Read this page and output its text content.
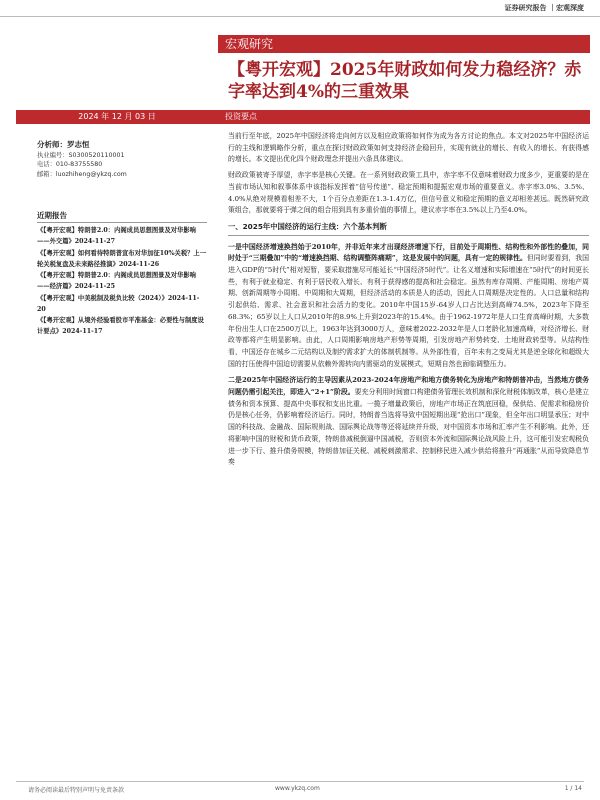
证券研究报告 ｜宏观深度
宏观研究
【粤开宏观】2025年财政如何发力稳经济？赤字率达到4%的三重效果
2024 年 12 月 03 日	投资要点
分析师：罗志恒
执业编号：S0300520110001
电话：010-83755580
邮箱：luozhiheng@ykzq.com
近期报告

《【粤开宏观】特朗普2.0：内阁成员思想图景及对华影响——外交篇》2024-11-27

《【粤开宏观】如何看待特朗普宣布对华加征10%关税？上一轮关税复盘及未来路径推演》2024-11-26

《【粤开宏观】特朗普2.0：内阁成员思想图景及对华影响——经济篇》2024-11-25

《【粤开宏观】中美税制及税负比较（2024）》2024-11-20

《【粤开宏观】从境外经验看股市平准基金：必要性与制度设计要点》2024-11-17

当前行至年底，2025年中国经济将走向何方以及相应政策将如何作为成为各方讨论的焦点。本文对2025年中国经济运行的主线和逻辑略作分析，重点在探讨财政政策如何支持经济企稳回升，实现有就业的增长、有收入的增长、有获得感的增长。本文提出优化四个财政理念并提出六条具体建议。

财政政策被寄予厚望，赤字率是核心关键。在一系列财政政策工具中，赤字率不仅意味着财政力度多少，更重要的是在当前市场认知和叙事体系中该指标发挥着“信号传递”、稳定预期和提振宏观市场的重要意义。赤字率3.0%、3.5%、4.0%从绝对规模看相差不大，1个百分点差距在1.3-1.4万亿，但信号意义和稳定预期的意义却相差甚远。既然研究政策组合，那就要将于弹之间的组合用到具有多重价值的事情上，建议赤字率在3.5%以上乃至4.0%。

一、2025年中国经济的运行主线：六个基本判断

一是中国经济增速换挡始于2010年，并非近年来才出现经济增速下行，目前处于周期性、结构性和外部性的叠加，同时处于“三期叠加”中的“增速换挡期、结构调整阵痛期”，这是发展中的问题，具有一定的规律性。但同时要看到，我国进入GDP的“5时代”相对短暂，要采取措施尽可能延长“中国经济5时代”。让名义增速和实际增速在“5时代”的时间更长些，有利于就业稳定、有利于居民收入增长、有利于获得感的提高和社会稳定。虽然有库存周期、产能周期、房地产周期、创新周期等小周期、中周期和大周期，但经济活动的本质是人的活动，因此人口周期是决定性的。人口总量和结构引起供给、需求、社会意识和社会活力的变化。2010年中国15岁-64岁人口占比达到高峰74.5%，2023年下降至68.3%；65岁以上人口从2010年的8.9%上升到2023年的15.4%。由于1962-1972年是人口生育高峰时期，大多数年份出生人口在2500万以上，1963年达到3000万人，意味着2022-2032年是人口老龄化加速高峰，对经济增长、财政等都将产生明显影响。由此，人口周期影响房地产形势等周期，引发房地产形势转变、土地财政转型等。从结构性看，中国还存在城乡二元结构以及制约需求扩大的体制机制等。从外部性看，百年未有之变局尤其是逆全球化和超级大国的打压使得中国迫切需要从依赖外需转向内需驱动的发展模式，短期自然也面临调整压力。

二是2025年中国经济运行的主导因素从2023-2024年房地产和地方债务转化为房地产和特朗普冲击，当然地方债务问题仍需引起关注，即进入“2+1”阶段。要充分利用时间窗口构建债务管理长效机制和深化财税体制改革，核心是建立债务和资本预算、提高中央事权和支出比重。一揽子增量政策后，房地产市场正在筑底回稳，保供给、促需求和稳房价仍是核心任务，仍影响着经济运行。同时，特朗普当选将导致中国短期出现“抢出口”现象，但全年出口明显承压；对中国的科技战、金融战、国际规则战、国际舆论战等等还将延续并升级，对中国资本市场和汇率产生不利影响。此外，还将影响中国的财税和货币政策，特朗普减税倒逼中国减税，否则资本外流和国际舆论战风险上升，这可能引发宏观税负进一步下行、推升债务规模，特朗普加征关税、减税刺激需求、控制移民进入减少供给将推升“再通胀”从而导致降息节奏

请务必阅读最后特别声明与免责条款	www.ykzq.com	1 / 14
